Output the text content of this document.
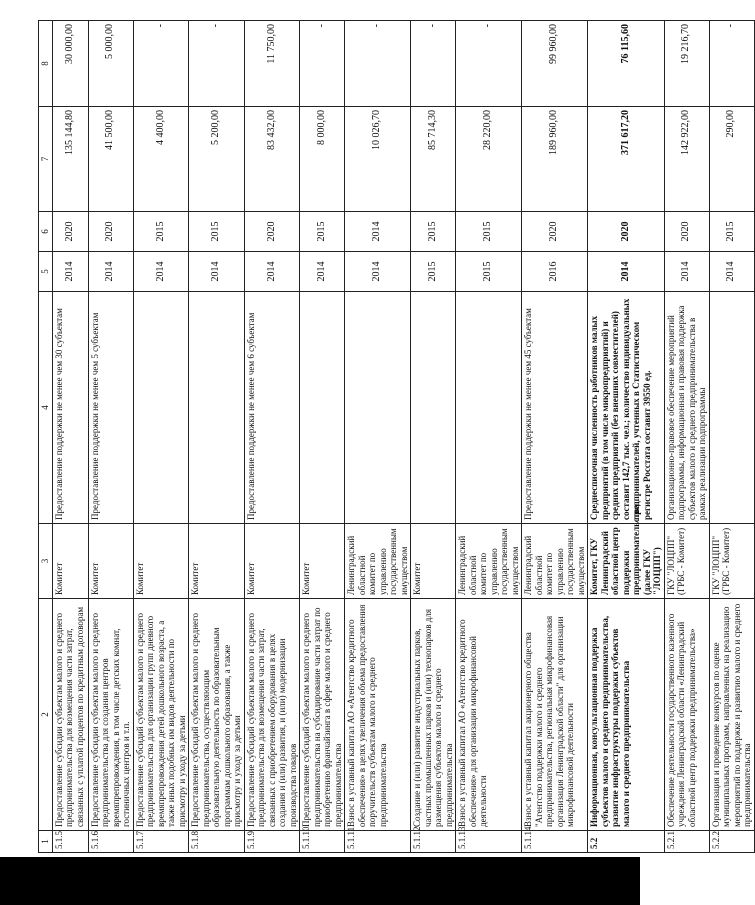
1	2	3	4	5	6	7	8
5.1.5	Предоставление субсидии субъектам малого и среднего предпринимательства для возмещения части затрат, связанных с уплатой процентов по кредитным договорам	Комитет	Предоставление поддержки не менее чем 30 субъектам	2014	2020	135 144,80	30 000,00
5.1.6	Предоставление субсидии субъектам малого и среднего предпринимательства для создания центров времяпрепровождения, в том числе детских комнат, гостиничных центров и т.п.	Комитет	Предоставление поддержки не менее чем 5 субъектам	2014	2020	41 500,00	5 000,00
5.1.7	Предоставление субсидий субъектам малого и среднего предпринимательства для организации групп дневного времяпрепровождения детей дошкольного возраста, а также иных подобных им видов деятельности по присмотру и уходу за детьми	Комитет		2014	2015	4 400,00	-
5.1.8	Предоставление субсидий субъектам малого и среднего предпринимательства, осуществляющим образовательную деятельность по образовательным программам дошкольного образования, а также присмотру и уходу за детьми	Комитет		2014	2015	5 200,00	-
5.1.9	Предоставление субсидий субъектам малого и среднего предпринимательства для возмещения части затрат, связанных с приобретением оборудования в целях создания и (или) развития, и (или) модернизации производства товаров	Комитет	Предоставление поддержки не менее чем 6 субъектам	2014	2020	83 432,00	11 750,00
5.1.10	Предоставление субсидий субъектам малого и среднего предпринимательства на субсидирование части затрат по приобретению франчайзинга в сфере малого и среднего предпринимательства	Комитет		2014	2015	8 000,00	-
5.1.11	Взнос в уставный капитал АО «Агентство кредитного обеспечения» в целях увеличения объема предоставления поручительств субъектам малого и среднего предпринимательства	Ленинградский областной комитет по управлению государственным имуществом		2014	2014	10 026,70	-
5.1.12	Создание и (или) развитие индустриальных парков, частных промышленных парков и (или) технопарков для размещения субъектов малого и среднего предпринимательства	Комитет		2015	2015	85 714,30	-
5.1.13	Взнос в уставный капитал АО «Агентство кредитного обеспечения» для организации микрофинансовой деятельности	Ленинградский областной комитет по управлению государственным имуществом		2015	2015	28 220,00	-
5.1.14	Взнос в уставный капитал акционерного общества "Агентство поддержки малого и среднего предпринимательства, региональная микрофинансовая организация Ленинградской области" для организации микрофинансовой деятельности	Ленинградский областной комитет по управлению государственным имуществом	Предоставление поддержки не менее чем 45 субъектам	2016	2020	189 960,00	99 960,00
5.2	Информационная, консультационная поддержка субъектов малого и среднего предпринимательства, развитие инфраструктуры поддержки субъектов малого и среднего предпринимательства	Комитет, ГКУ Ленинградский областной центр поддержки предпринимательства (далее ГКУ "ЛОЦПП")	Среднесписочная численность работников малых предприятий (в том числе микропредприятий) и средних предприятий (без внешних совместителей) составит 142,7 тыс. чел.; количество индивидуальных предпринимателей, учтенных в Статистическом регистре Росстата составит 39550 ед.	2014	2020	371 617,20	76 115,60
5.2.1	Обеспечение деятельности государственного казенного учреждения Ленинградской области «Ленинградский областной центр поддержки предпринимательства»	ГКУ "ЛОЦПП" (ГРБС - Комитет)	Организационно-правовое обеспечение мероприятий подпрограммы, информационная и правовая поддержка субъектов малого и среднего предпринимательства в рамках реализации подпрограммы	2014	2020	142 922,00	19 216,70
5.2.2	Организация и проведение конкурсов по оценке муниципальных программ, направленных на реализацию мероприятий по поддержке и развитию малого и среднего предпринимательства	ГКУ "ЛОЦПП" (ГРБС - Комитет)		2014	2015	290,00	-
